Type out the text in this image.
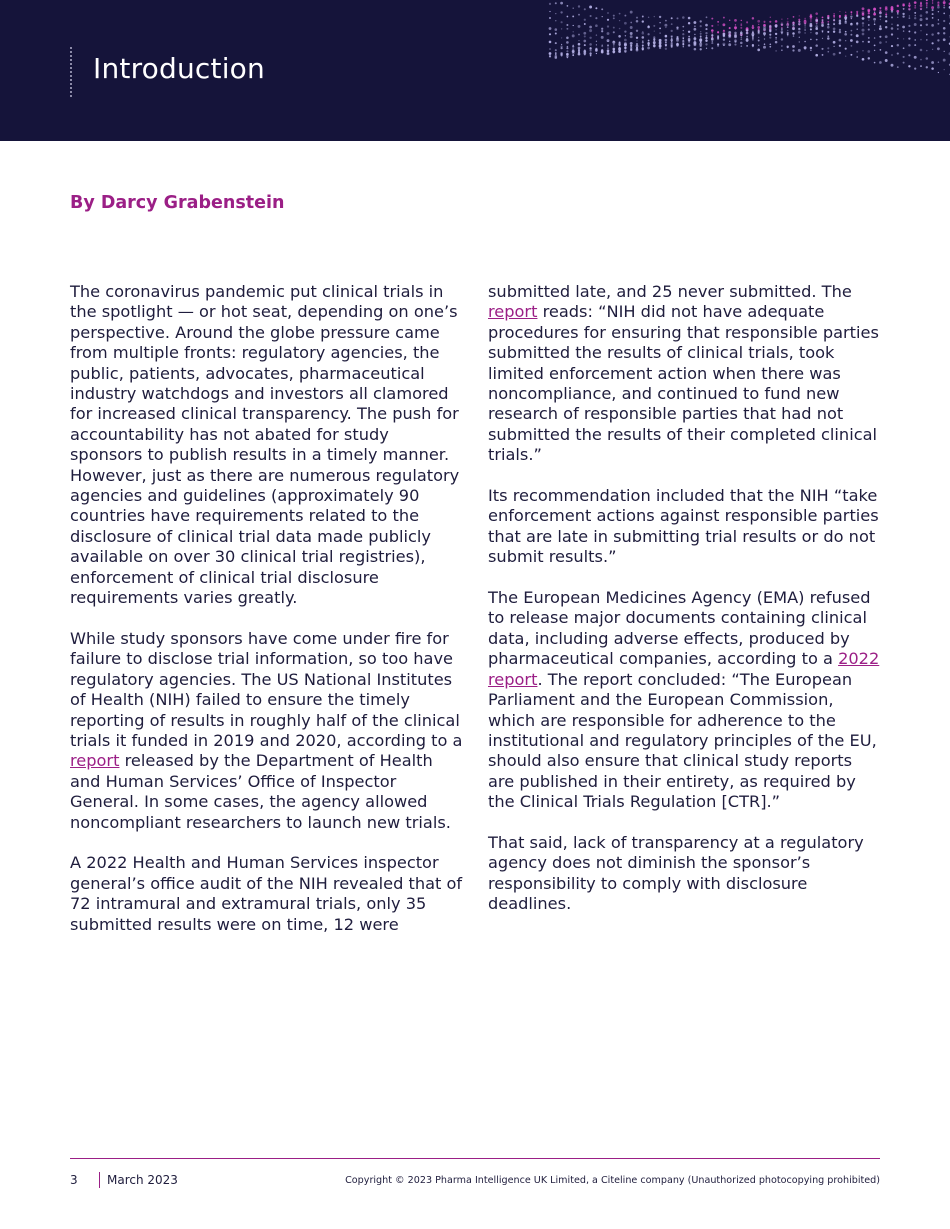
Introduction
By Darcy Grabenstein

The coronavirus pandemic put clinical trials in the spotlight — or hot seat, depending on one’s perspective. Around the globe pressure came from multiple fronts: regulatory agencies, the public, patients, advocates, pharmaceutical industry watchdogs and investors all clamored for increased clinical transparency. The push for accountability has not abated for study sponsors to publish results in a timely manner. However, just as there are numerous regulatory agencies and guidelines (approximately 90 countries have requirements related to the disclosure of clinical trial data made publicly available on over 30 clinical trial registries), enforcement of clinical trial disclosure requirements varies greatly.

While study sponsors have come under fire for failure to disclose trial information, so too have regulatory agencies. The US National Institutes of Health (NIH) failed to ensure the timely reporting of results in roughly half of the clinical trials it funded in 2019 and 2020, according to a report released by the Department of Health and Human Services’ Office of Inspector General. In some cases, the agency allowed noncompliant researchers to launch new trials.

A 2022 Health and Human Services inspector general’s office audit of the NIH revealed that of 72 intramural and extramural trials, only 35 submitted results were on time, 12 were

submitted late, and 25 never submitted. The report reads: “NIH did not have adequate procedures for ensuring that responsible parties submitted the results of clinical trials, took limited enforcement action when there was noncompliance, and continued to fund new research of responsible parties that had not submitted the results of their completed clinical trials.”

Its recommendation included that the NIH “take enforcement actions against responsible parties that are late in submitting trial results or do not submit results.”

The European Medicines Agency (EMA) refused to release major documents containing clinical data, including adverse effects, produced by pharmaceutical companies, according to a 2022 report. The report concluded: “The European Parliament and the European Commission, which are responsible for adherence to the institutional and regulatory principles of the EU, should also ensure that clinical study reports are published in their entirety, as required by the Clinical Trials Regulation [CTR].”

That said, lack of transparency at a regulatory agency does not diminish the sponsor’s responsibility to comply with disclosure deadlines.

3 March 2023	Copyright © 2023 Pharma Intelligence UK Limited, a Citeline company (Unauthorized photocopying prohibited)
